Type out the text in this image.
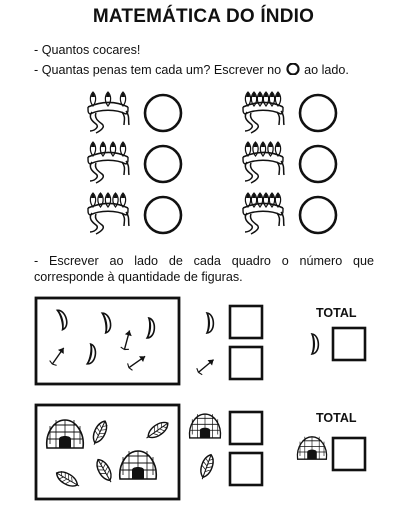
MATEMÁTICA DO ÍNDIO
- Quantos cocares!
- Quantas penas tem cada um? Escrever no ao lado.
- Escrever ao lado de cada quadro o número que corresponde à quantidade de figuras.
TOTAL
TOTAL
